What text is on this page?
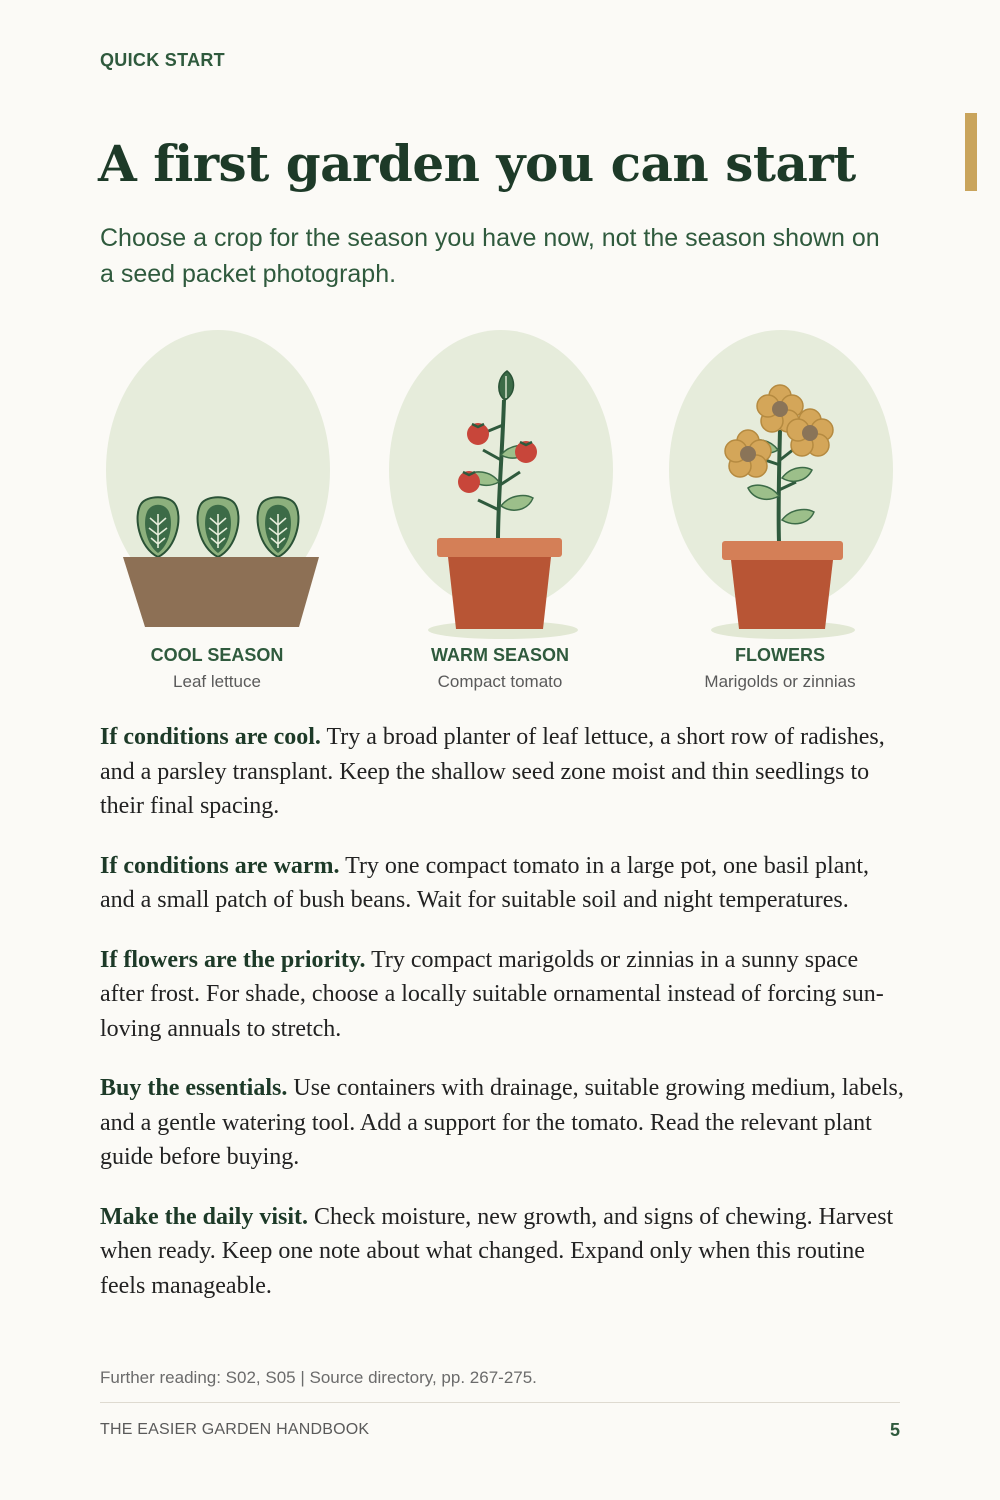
QUICK START
A first garden you can start

Choose a crop for the season you have now, not the season shown on a seed packet photograph.

COOL SEASON
Leaf lettuce
WARM SEASON
Compact tomato
FLOWERS
Marigolds or zinnias

If conditions are cool. Try a broad planter of leaf lettuce, a short row of radishes, and a parsley transplant. Keep the shallow seed zone moist and thin seedlings to their final spacing.

If conditions are warm. Try one compact tomato in a large pot, one basil plant, and a small patch of bush beans. Wait for suitable soil and night temperatures.

If flowers are the priority. Try compact marigolds or zinnias in a sunny space after frost. For shade, choose a locally suitable ornamental instead of forcing sun-loving annuals to stretch.

Buy the essentials. Use containers with drainage, suitable growing medium, labels, and a gentle watering tool. Add a support for the tomato. Read the relevant plant guide before buying.

Make the daily visit. Check moisture, new growth, and signs of chewing. Harvest when ready. Keep one note about what changed. Expand only when this routine feels manageable.

Further reading: S02, S05 | Source directory, pp. 267-275.
THE EASIER GARDEN HANDBOOK	5
